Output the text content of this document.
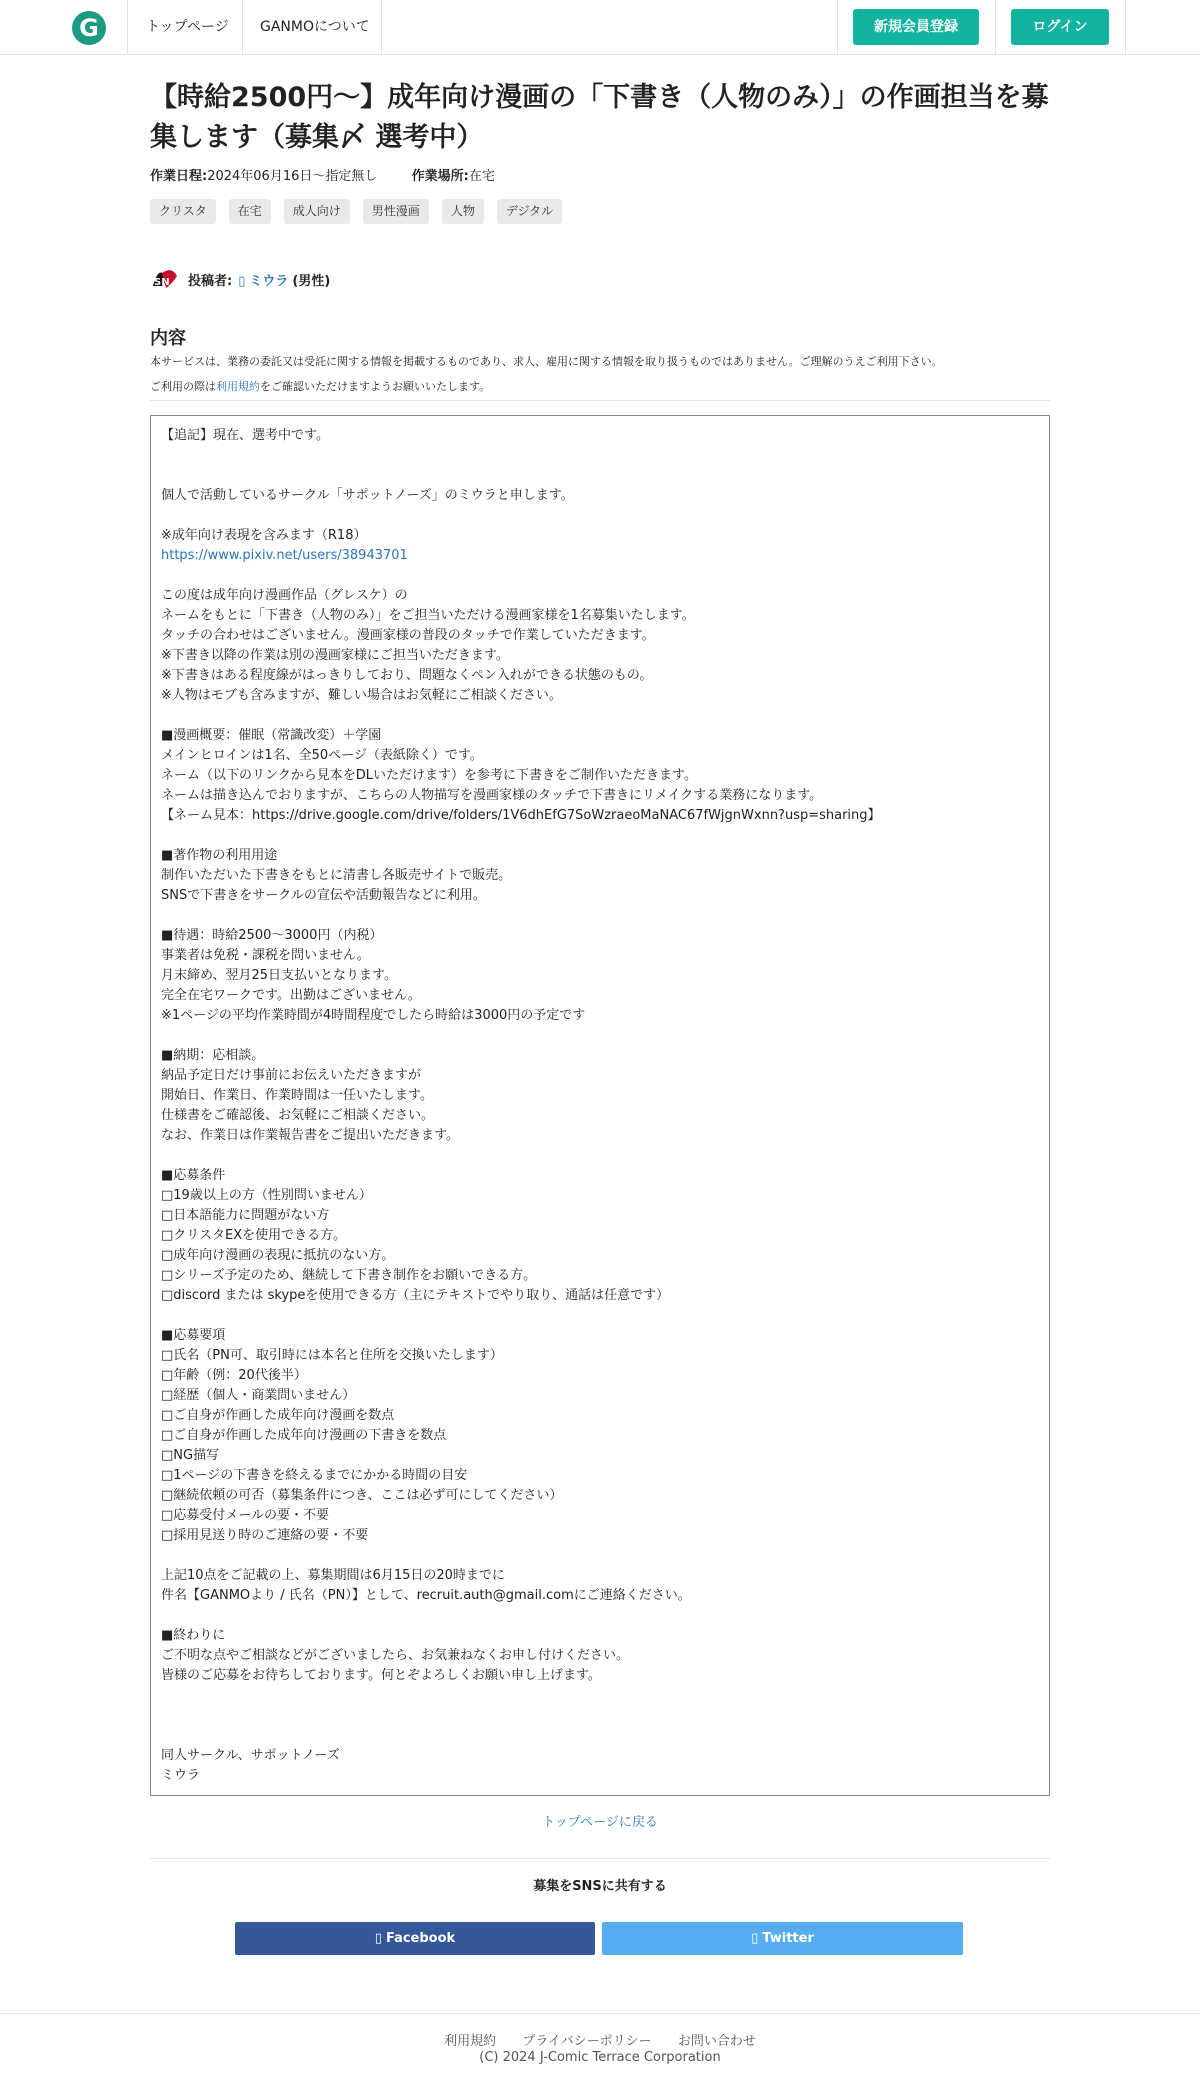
G	トップページ GANMOについて	新規会員登録	ログイン
【時給2500円〜】成年向け漫画の「下書き（人物のみ）」の作画担当を募集します（募集〆 選考中）
作業日程:2024年06月16日〜指定無し	作業場所:在宅
クリスタ	在宅	成人向け	男性漫画	人物	デジタル
SN 投稿者: ▯ ミウラ (男性)
内容
本サービスは、業務の委託又は受託に関する情報を掲載するものであり、求人、雇用に関する情報を取り扱うものではありません。ご理解のうえご利用下さい。
ご利用の際は利用規約をご確認いただけますようお願いいたします。
【追記】現在、選考中です。
個人で活動しているサークル「サポットノーズ」のミウラと申します。
※成年向け表現を含みます（R18）
https://www.pixiv.net/users/38943701
この度は成年向け漫画作品（グレスケ）の
ネームをもとに「下書き（人物のみ）」をご担当いただける漫画家様を1名募集いたします。
タッチの合わせはございません。漫画家様の普段のタッチで作業していただきます。
※下書き以降の作業は別の漫画家様にご担当いただきます。
※下書きはある程度線がはっきりしており、問題なくペン入れができる状態のもの。
※人物はモブも含みますが、難しい場合はお気軽にご相談ください。
■漫画概要：催眠（常識改変）＋学園
メインヒロインは1名、全50ページ（表紙除く）です。
ネーム（以下のリンクから見本をDLいただけます）を参考に下書きをご制作いただきます。
ネームは描き込んでおりますが、こちらの人物描写を漫画家様のタッチで下書きにリメイクする業務になります。
【ネーム見本：https://drive.google.com/drive/folders/1V6dhEfG7SoWzraeoMaNAC67fWjgnWxnn?usp=sharing】
■著作物の利用用途
制作いただいた下書きをもとに清書し各販売サイトで販売。
SNSで下書きをサークルの宣伝や活動報告などに利用。
■待遇：時給2500～3000円（内税）
事業者は免税・課税を問いません。
月末締め、翌月25日支払いとなります。
完全在宅ワークです。出勤はございません。
※1ページの平均作業時間が4時間程度でしたら時給は3000円の予定です
■納期：応相談。
納品予定日だけ事前にお伝えいただきますが
開始日、作業日、作業時間は一任いたします。
仕様書をご確認後、お気軽にご相談ください。
なお、作業日は作業報告書をご提出いただきます。
■応募条件
□19歳以上の方（性別問いません）
□日本語能力に問題がない方
□クリスタEXを使用できる方。
□成年向け漫画の表現に抵抗のない方。
□シリーズ予定のため、継続して下書き制作をお願いできる方。
□discord または skypeを使用できる方（主にテキストでやり取り、通話は任意です）
■応募要項
□氏名（PN可、取引時には本名と住所を交換いたします）
□年齢（例：20代後半）
□経歴（個人・商業問いません）
□ご自身が作画した成年向け漫画を数点
□ご自身が作画した成年向け漫画の下書きを数点
□NG描写
□1ページの下書きを終えるまでにかかる時間の目安
□継続依頼の可否（募集条件につき、ここは必ず可にしてください）
□応募受付メールの要・不要
□採用見送り時のご連絡の要・不要
上記10点をご記載の上、募集期間は6月15日の20時までに
件名【GANMOより / 氏名（PN）】として、recruit.auth@gmail.comにご連絡ください。
■終わりに
ご不明な点やご相談などがございましたら、お気兼ねなくお申し付けください。
皆様のご応募をお待ちしております。何とぞよろしくお願い申し上げます。
同人サークル、サポットノーズ
ミウラ
トップページに戻る
募集をSNSに共有する
▯ Facebook	▯ Twitter
利用規約 プライバシーポリシー お問い合わせ
(C) 2024 J-Comic Terrace Corporation
